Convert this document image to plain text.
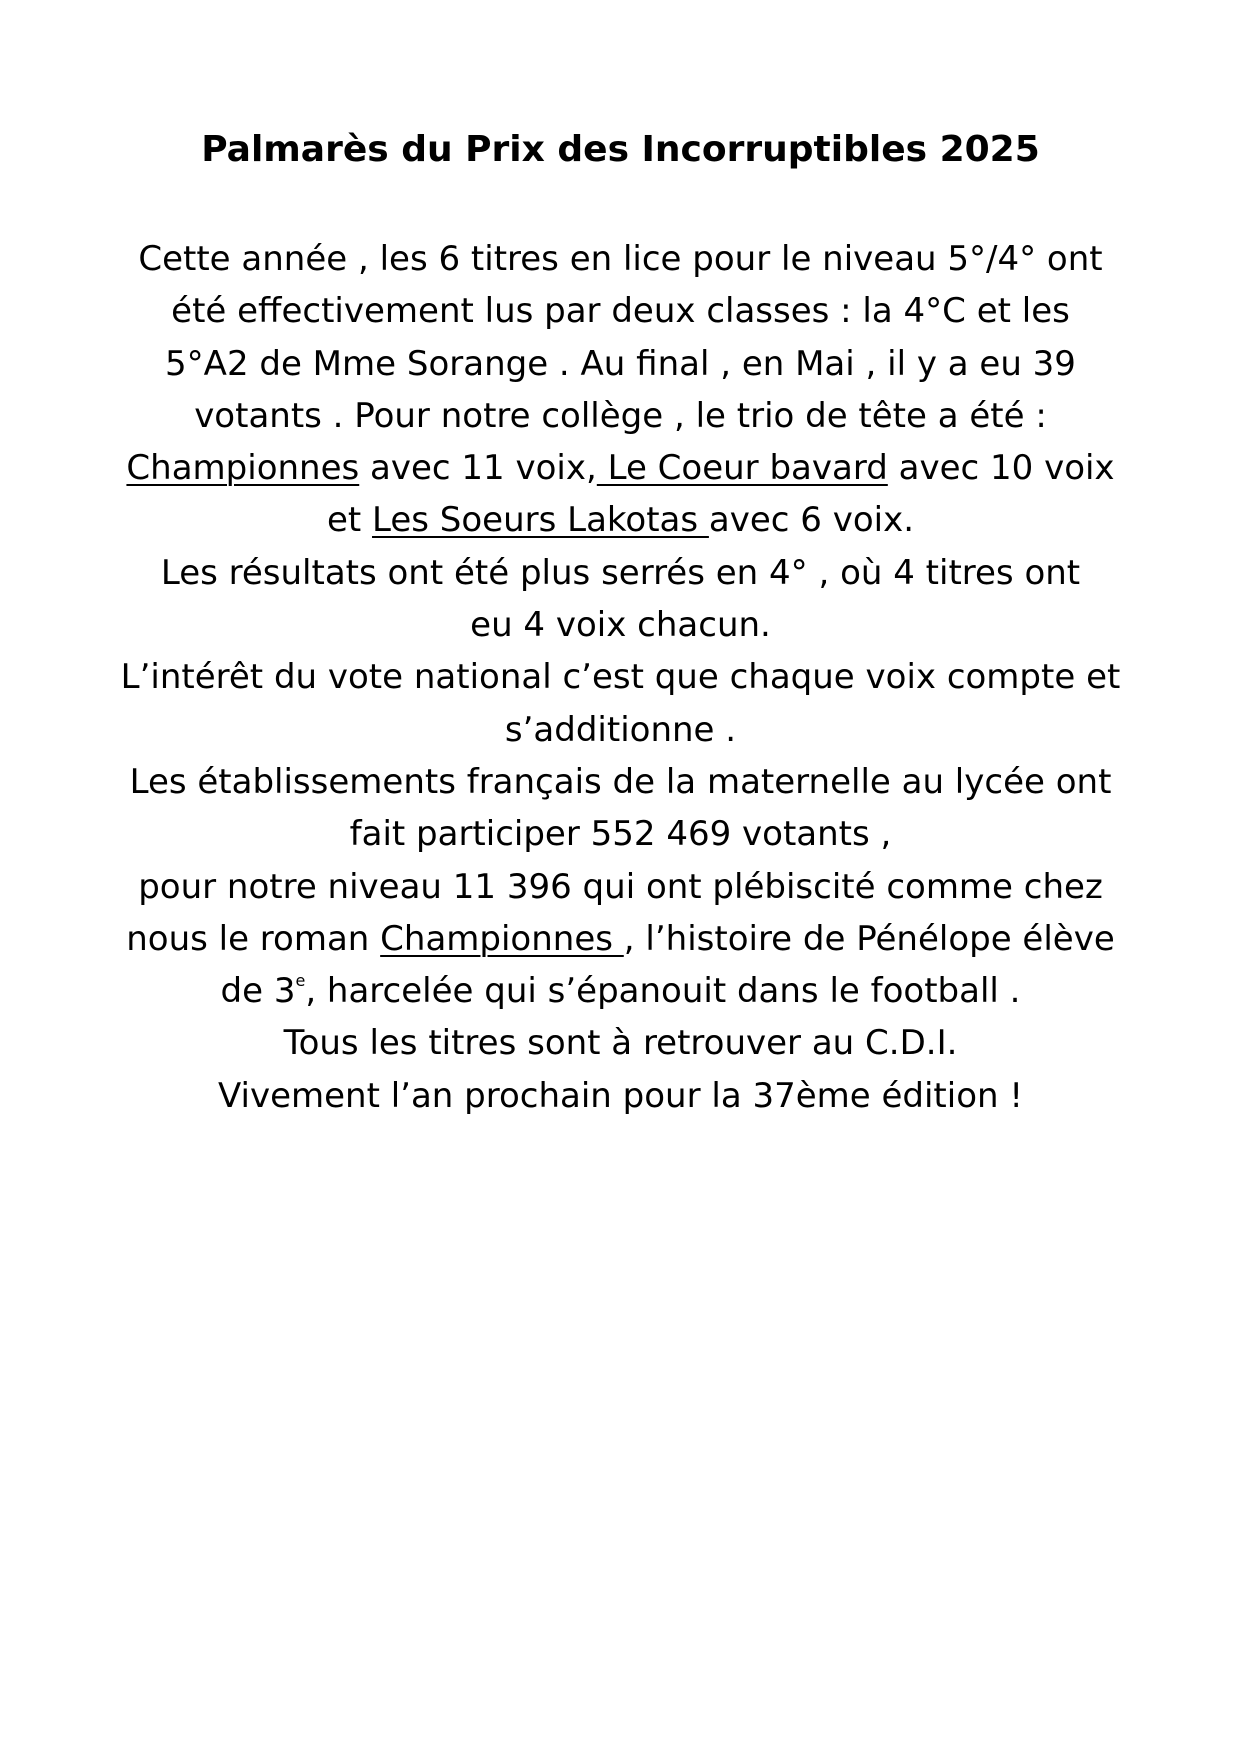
Palmarès du Prix des Incorruptibles 2025
Cette année , les 6 titres en lice pour le niveau 5°/4° ont
été effectivement lus par deux classes : la 4°C et les
5°A2 de Mme Sorange . Au final , en Mai , il y a eu 39
votants . Pour notre collège , le trio de tête a été :
Championnes avec 11 voix, Le Coeur bavard avec 10 voix
et Les Soeurs Lakotas avec 6 voix.
Les résultats ont été plus serrés en 4° , où 4 titres ont
eu 4 voix chacun.
L’intérêt du vote national c’est que chaque voix compte et
s’additionne .
Les établissements français de la maternelle au lycée ont
fait participer 552 469 votants ,
pour notre niveau 11 396 qui ont plébiscité comme chez
nous le roman Championnes , l’histoire de Pénélope élève
de 3e, harcelée qui s’épanouit dans le football .
Tous les titres sont à retrouver au C.D.I.
Vivement l’an prochain pour la 37ème édition !
